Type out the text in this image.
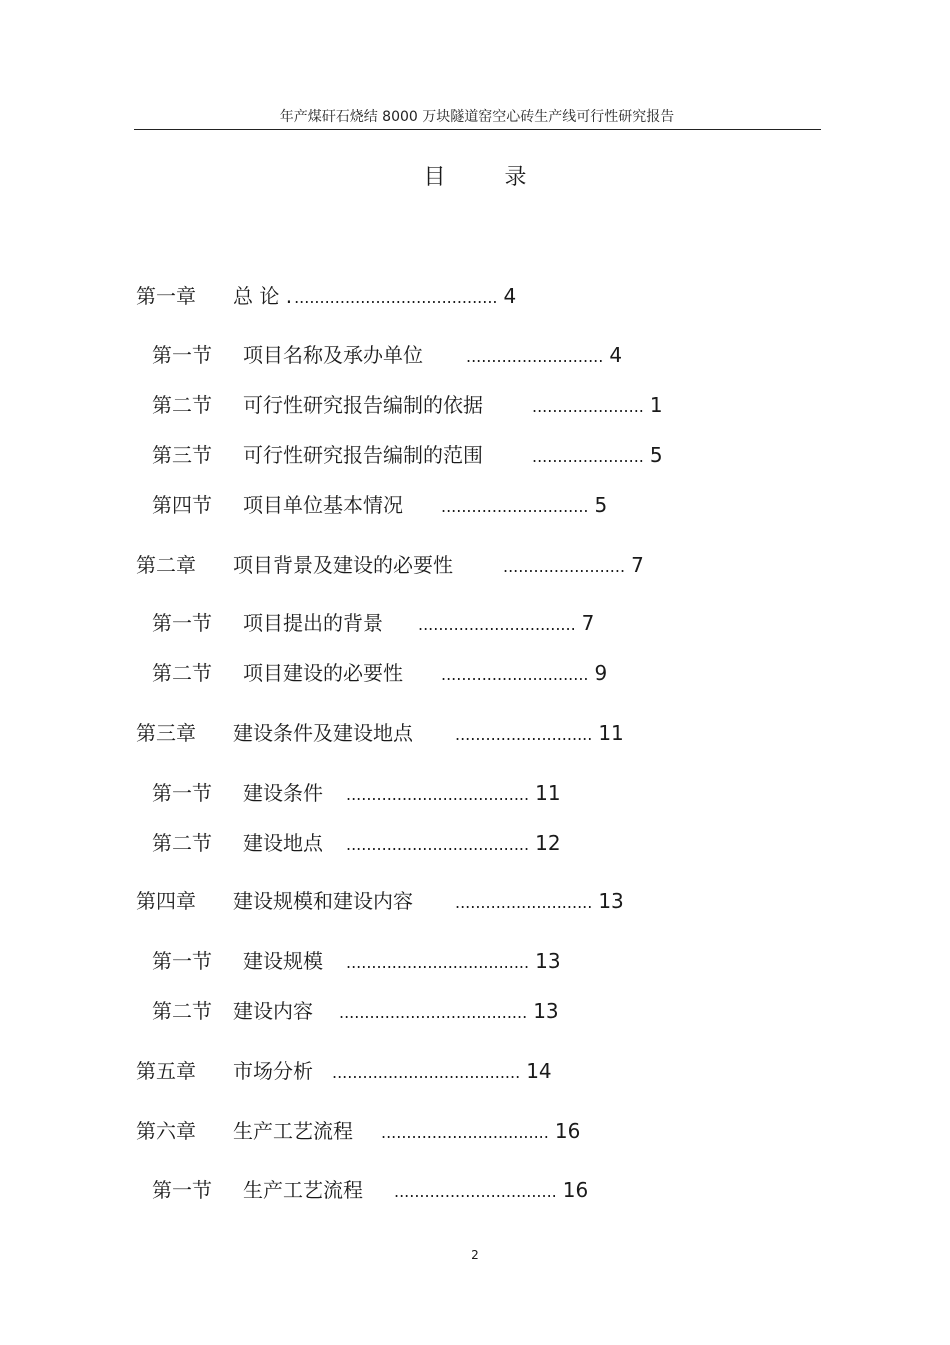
年产煤矸石烧结 8000 万块隧道窑空心砖生产线可行性研究报告
目 录
第一章 总 论 . ........................................ 4
第一节 项目名称及承办单位	........................... 4
第二节 可行性研究报告编制的依据	...................... 1
第三节 可行性研究报告编制的范围	...................... 5
第四节 项目单位基本情况 ............................. 5
第二章 项目背景及建设的必要性	........................ 7
第一节 项目提出的背景 ............................... 7
第二节 项目建设的必要性 ............................. 9
第三章 建设条件及建设地点	........................... 11
第一节 建设条件 .................................... 11
第二节 建设地点 .................................... 12
第四章 建设规模和建设内容	........................... 13
第一节 建设规模 .................................... 13
第二节 建设内容 ..................................... 13
第五章 市场分析 ..................................... 14
第六章 生产工艺流程 ................................. 16
第一节 生产工艺流程 ................................ 16
2
